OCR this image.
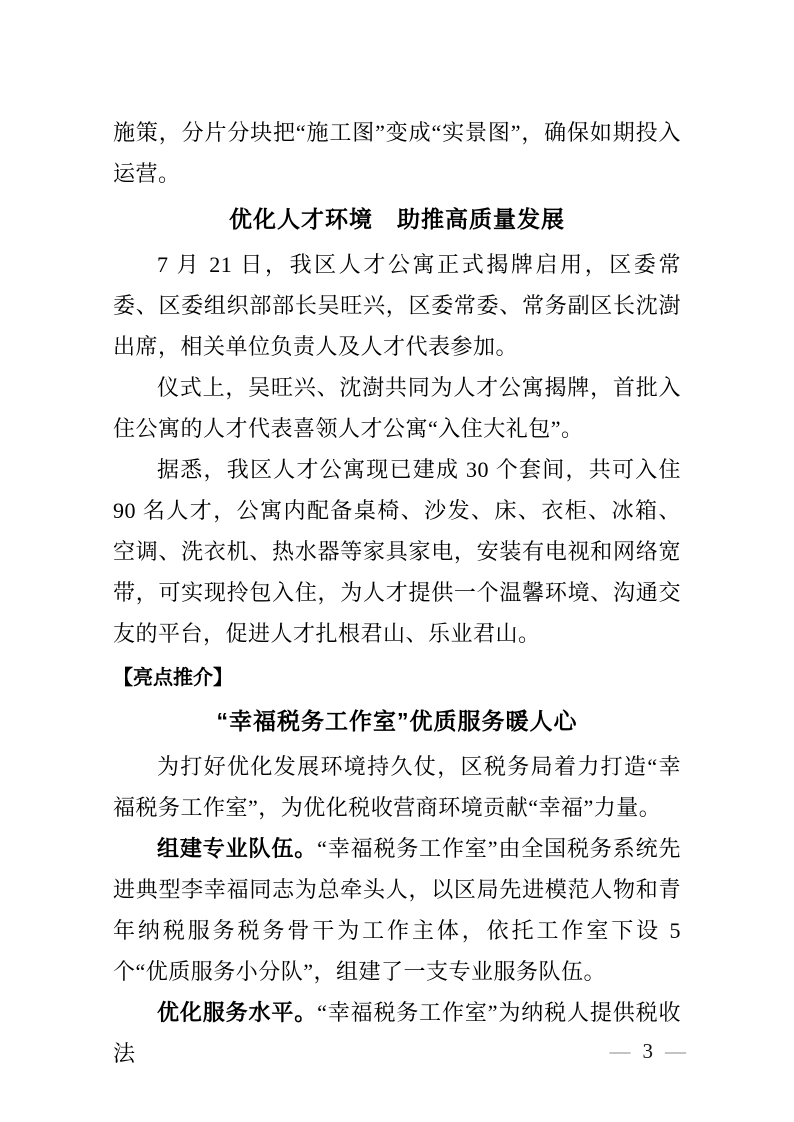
施策，分片分块把“施工图”变成“实景图”，确保如期投入运营。

优化人才环境　助推高质量发展

7 月 21 日，我区人才公寓正式揭牌启用，区委常委、区委组织部部长吴旺兴，区委常委、常务副区长沈澍出席，相关单位负责人及人才代表参加。

仪式上，吴旺兴、沈澍共同为人才公寓揭牌，首批入住公寓的人才代表喜领人才公寓“入住大礼包”。

据悉，我区人才公寓现已建成 30 个套间，共可入住 90 名人才，公寓内配备桌椅、沙发、床、衣柜、冰箱、空调、洗衣机、热水器等家具家电，安装有电视和网络宽带，可实现拎包入住，为人才提供一个温馨环境、沟通交友的平台，促进人才扎根君山、乐业君山。

【亮点推介】

“幸福税务工作室”优质服务暖人心

为打好优化发展环境持久仗，区税务局着力打造“幸福税务工作室”，为优化税收营商环境贡献“幸福”力量。

组建专业队伍。“幸福税务工作室”由全国税务系统先进典型李幸福同志为总牵头人，以区局先进模范人物和青年纳税服务税务骨干为工作主体，依托工作室下设 5 个“优质服务小分队”，组建了一支专业服务队伍。

优化服务水平。“幸福税务工作室”为纳税人提供税收法	— 3 —
